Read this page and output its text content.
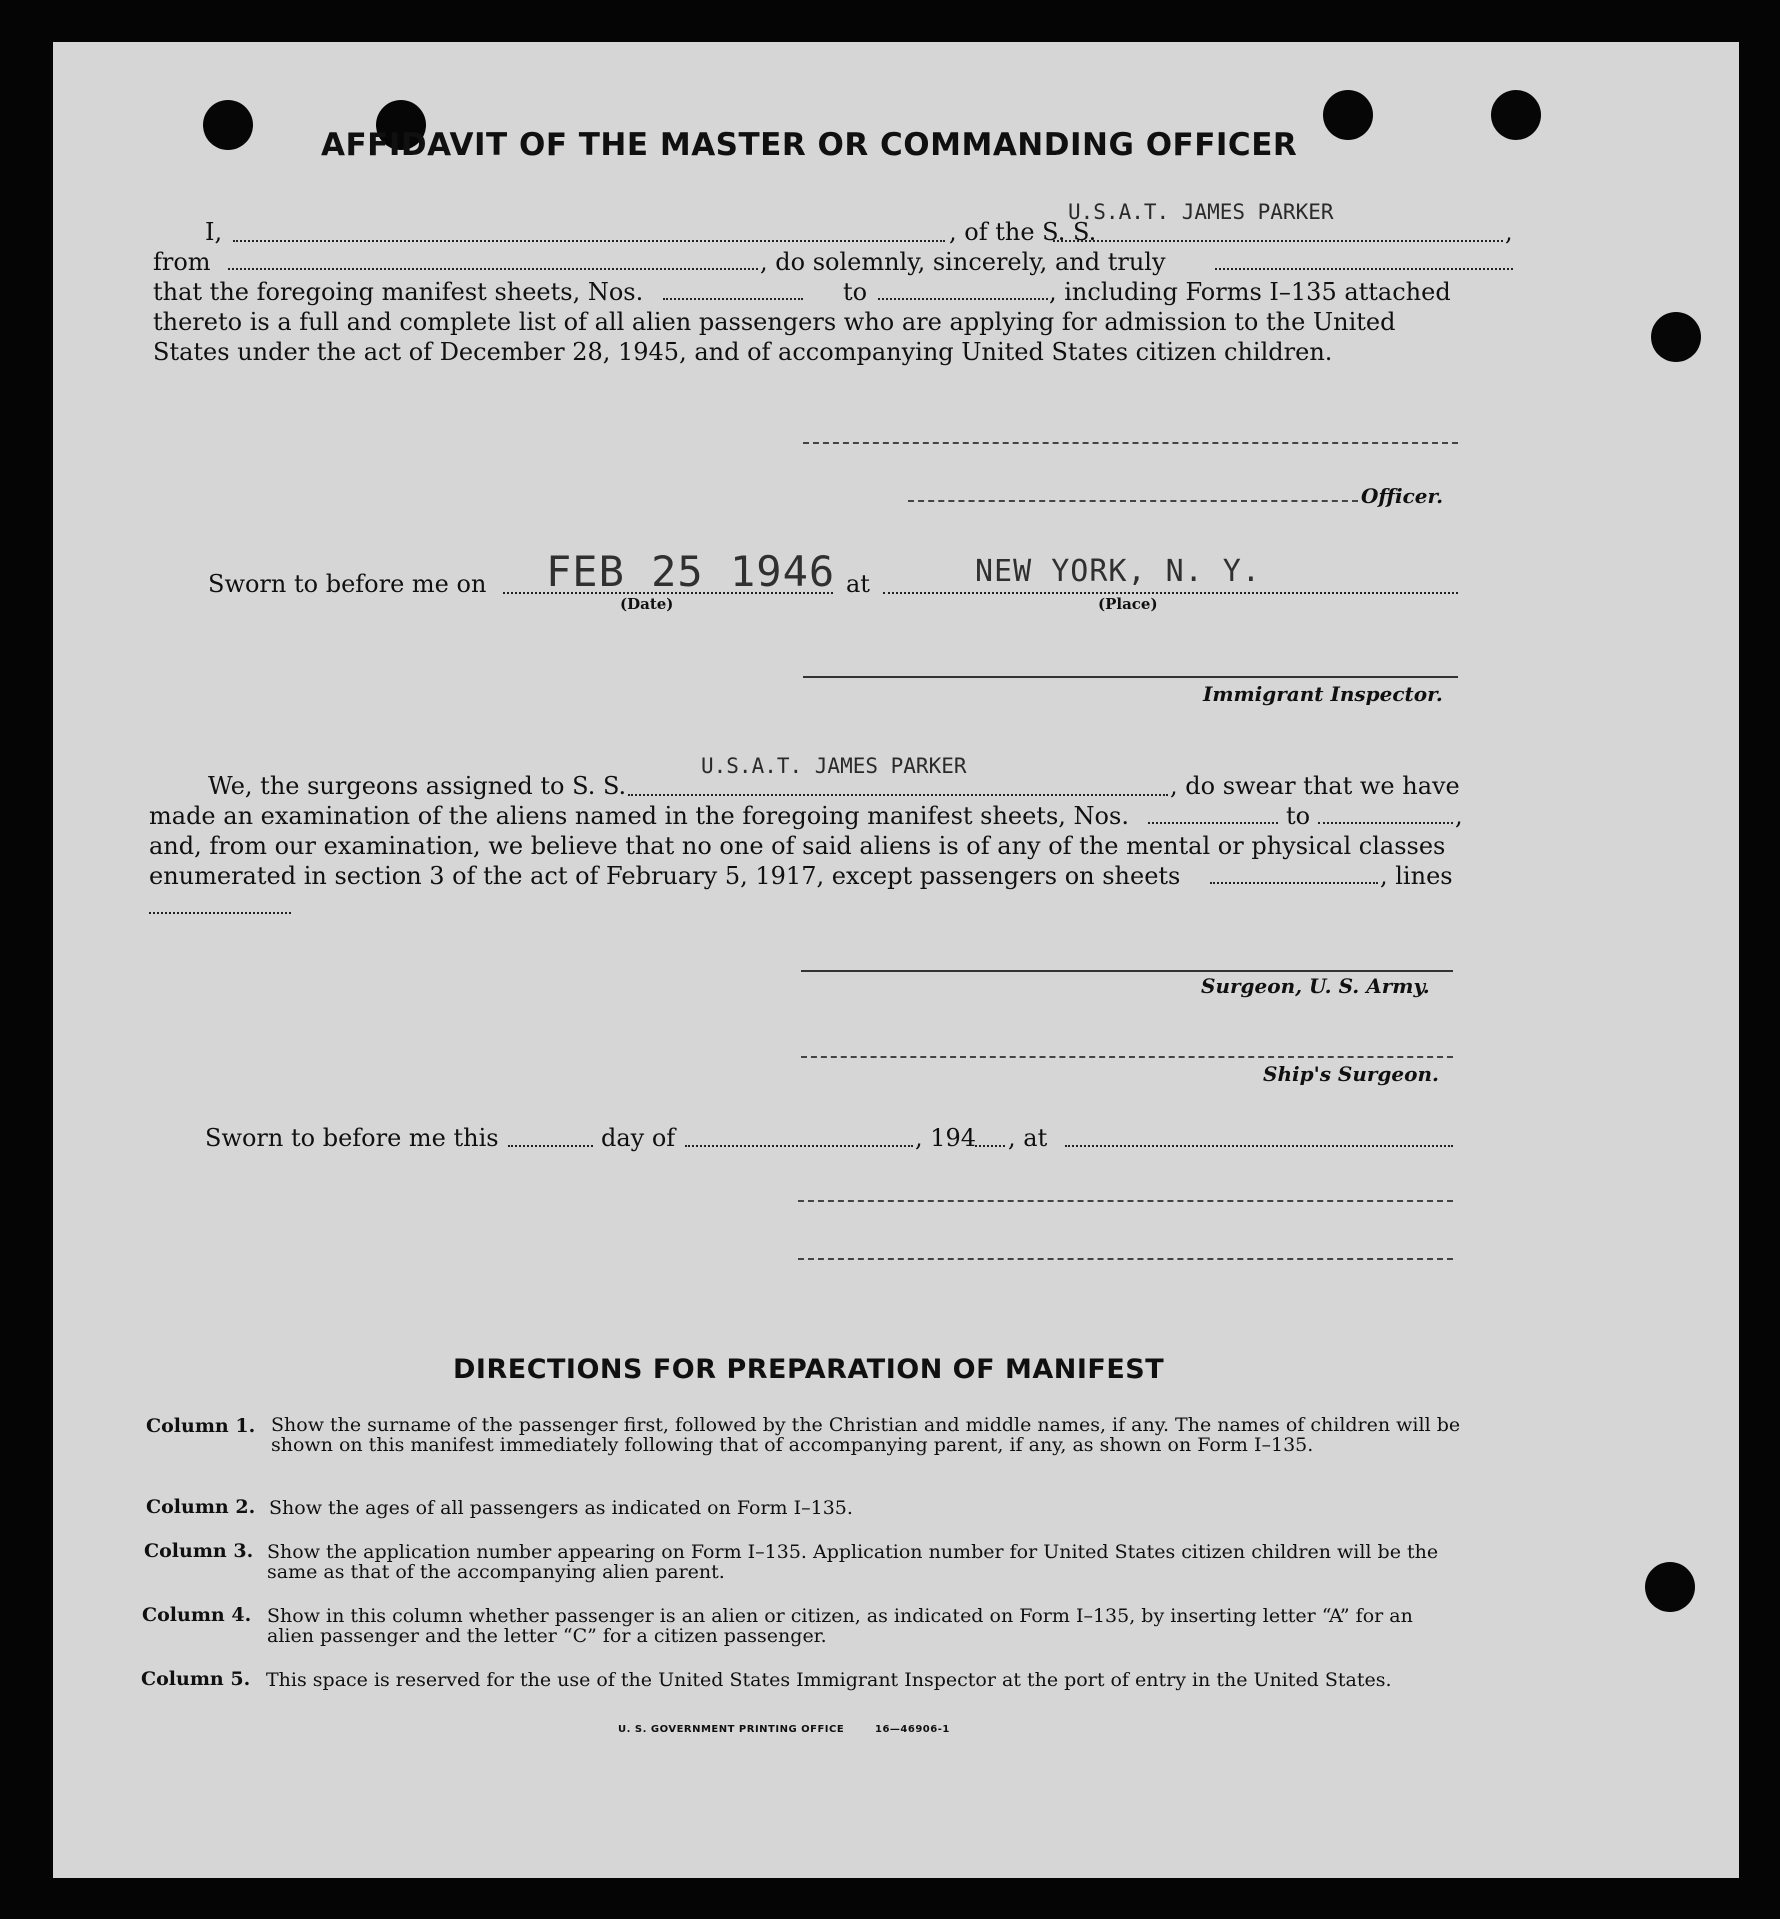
AFFIDAVIT OF THE MASTER OR COMMANDING OFFICER
I,	, of the S. S.
U.S.A.T. JAMES PARKER
,
from	, do solemnly, sincerely, and truly
that the foregoing manifest sheets, Nos.	to	, including Forms I–135 attached
thereto is a full and complete list of all alien passengers who are applying for admission to the United
States under the act of December 28, 1945, and of accompanying United States citizen children.
Officer.
Sworn to before me on FEB 25 1946
(Date)
at	NEW YORK, N. Y.
(Place)
Immigrant Inspector.
We, the surgeons assigned to S. S.
U.S.A.T. JAMES PARKER
, do swear that we have
made an examination of the aliens named in the foregoing manifest sheets, Nos.	to	,
and, from our examination, we believe that no one of said aliens is of any of the mental or physical classes
enumerated in section 3 of the act of February 5, 1917, except passengers on sheets	, lines
Surgeon, U. S. Army.
Ship's Surgeon.
Sworn to before me this	day of	, 194 , at
DIRECTIONS FOR PREPARATION OF MANIFEST
Column 1. Show the surname of the passenger first, followed by the Christian and middle names, if any. The names of children will be shown on this manifest immediately following that of accompanying parent, if any, as shown on Form I–135.
Column 2. Show the ages of all passengers as indicated on Form I–135.
Column 3. Show the application number appearing on Form I–135. Application number for United States citizen children will be the same as that of the accompanying alien parent.
Column 4. Show in this column whether passenger is an alien or citizen, as indicated on Form I–135, by inserting letter “A” for an alien passenger and the letter “C” for a citizen passenger.
Column 5. This space is reserved for the use of the United States Immigrant Inspector at the port of entry in the United States.
U. S. GOVERNMENT PRINTING OFFICE	16—46906-1
